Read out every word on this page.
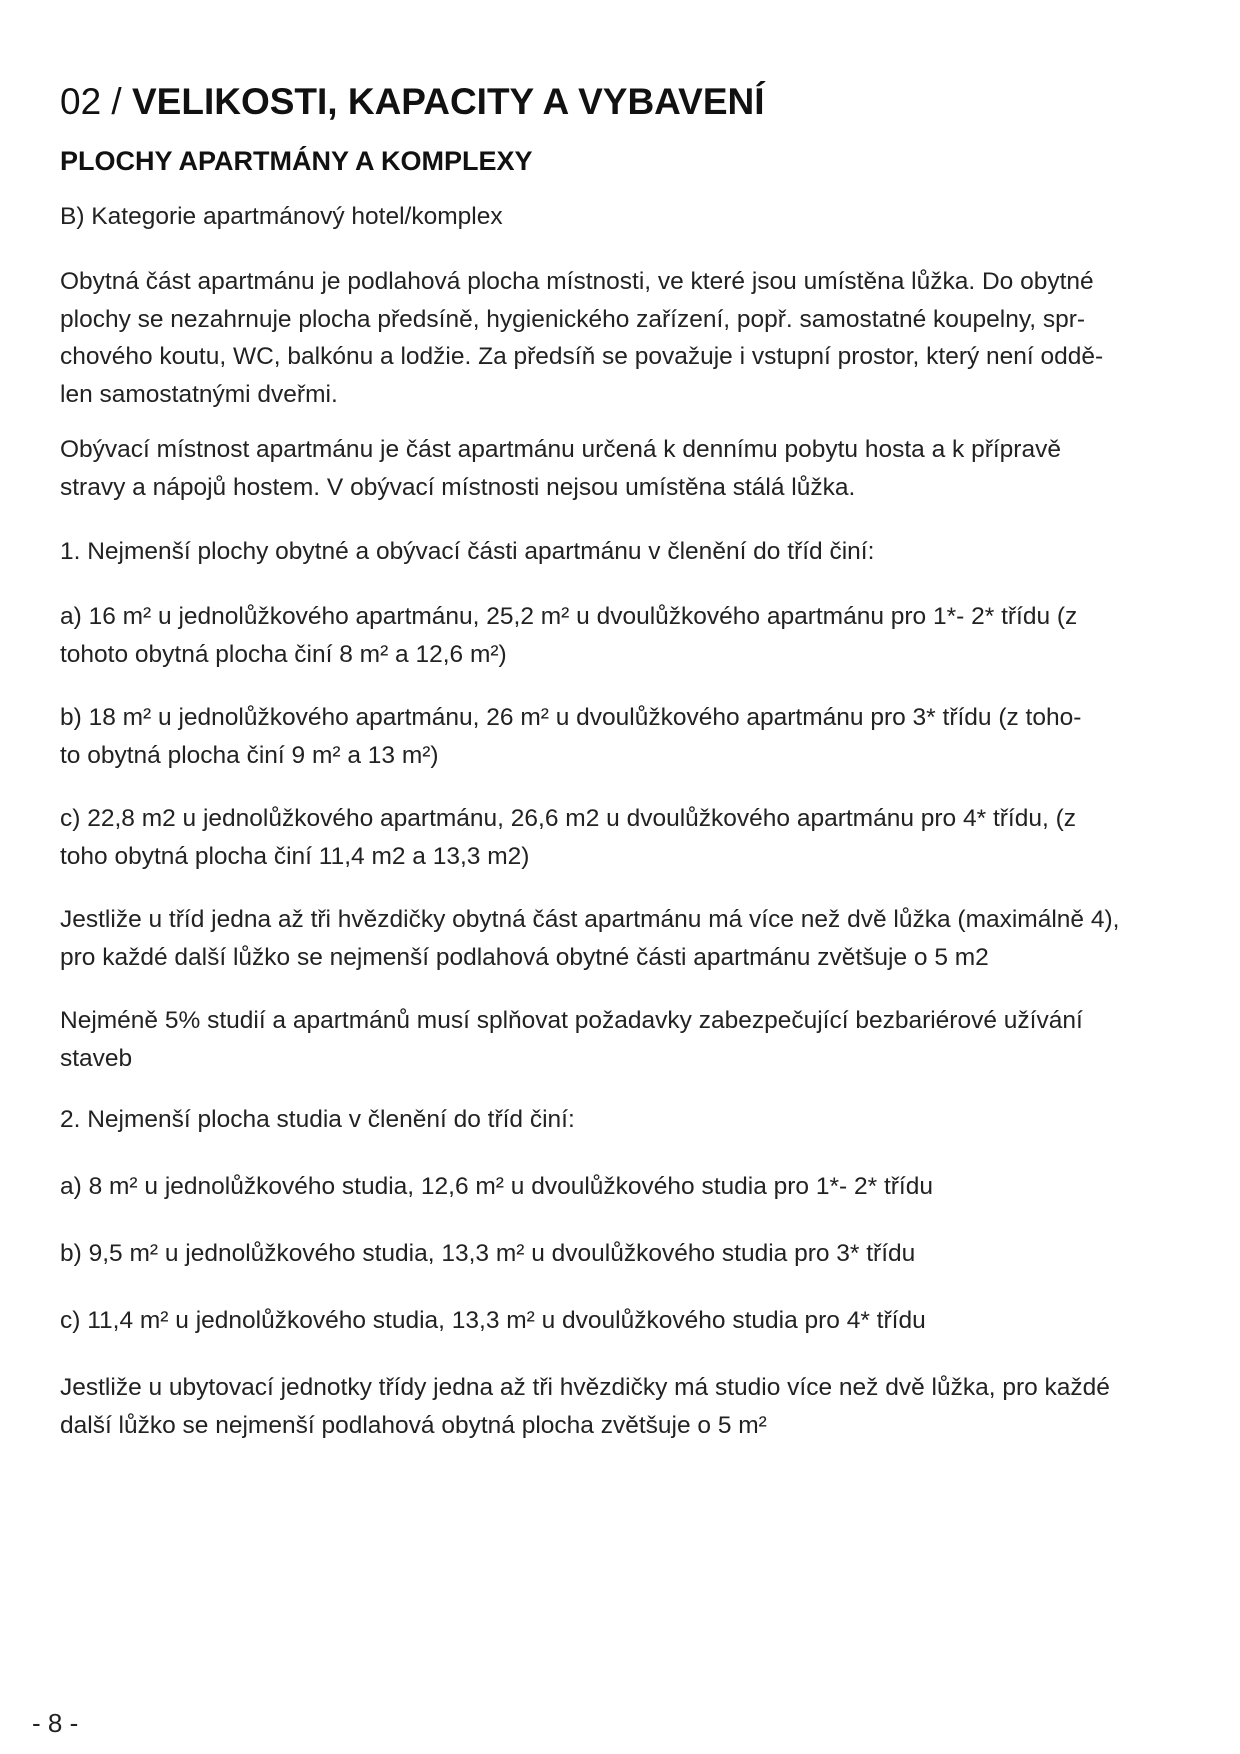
02 / VELIKOSTI, KAPACITY A VYBAVENÍ
PLOCHY APARTMÁNY A KOMPLEXY

B) Kategorie apartmánový hotel/komplex

Obytná část apartmánu je podlahová plocha místnosti, ve které jsou umístěna lůžka. Do obytné
plochy se nezahrnuje plocha předsíně, hygienického zařízení, popř. samostatné koupelny, spr-
chového koutu, WC, balkónu a lodžie. Za předsíň se považuje i vstupní prostor, který není oddě-
len samostatnými dveřmi.

Obývací místnost apartmánu je část apartmánu určená k dennímu pobytu hosta a k přípravě
stravy a nápojů hostem. V obývací místnosti nejsou umístěna stálá lůžka.

1. Nejmenší plochy obytné a obývací části apartmánu v členění do tříd činí:

a) 16 m² u jednolůžkového apartmánu, 25,2 m² u dvoulůžkového apartmánu pro 1*- 2* třídu (z
tohoto obytná plocha činí 8 m² a 12,6 m²)

b) 18 m² u jednolůžkového apartmánu, 26 m² u dvoulůžkového apartmánu pro 3* třídu (z toho-
to obytná plocha činí 9 m² a 13 m²)

c) 22,8 m2 u jednolůžkového apartmánu, 26,6 m2 u dvoulůžkového apartmánu pro 4* třídu, (z
toho obytná plocha činí 11,4 m2 a 13,3 m2)

Jestliže u tříd jedna až tři hvězdičky obytná část apartmánu má více než dvě lůžka (maximálně 4),
pro každé další lůžko se nejmenší podlahová obytné části apartmánu zvětšuje o 5 m2

Nejméně 5% studií a apartmánů musí splňovat požadavky zabezpečující bezbariérové užívání
staveb

2. Nejmenší plocha studia v členění do tříd činí:

a) 8 m² u jednolůžkového studia, 12,6 m² u dvoulůžkového studia pro 1*- 2* třídu

b) 9,5 m² u jednolůžkového studia, 13,3 m² u dvoulůžkového studia pro 3* třídu

c) 11,4 m² u jednolůžkového studia, 13,3 m² u dvoulůžkového studia pro 4* třídu

Jestliže u ubytovací jednotky třídy jedna až tři hvězdičky má studio více než dvě lůžka, pro každé
další lůžko se nejmenší podlahová obytná plocha zvětšuje o 5 m²

- 8 -
